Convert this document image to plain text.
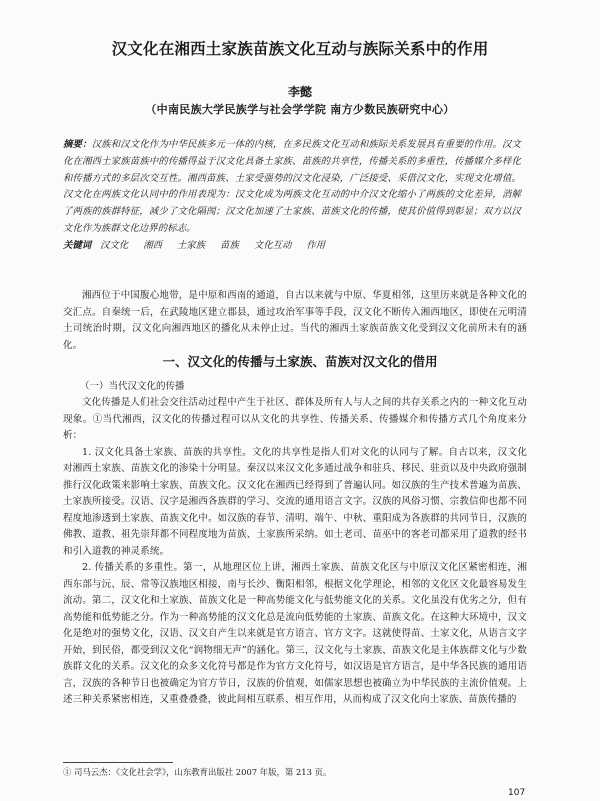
汉文化在湘西土家族苗族文化互动与族际关系中的作用
李懿
（中南民族大学民族学与社会学学院 南方少数民族研究中心）
摘要：汉族和汉文化作为中华民族多元一体的内核，在多民族文化互动和族际关系发展具有重要的作用。汉文化在湘西土家族苗族中的传播得益于汉文化具备土家族、苗族的共享性，传播关系的多重性，传播媒介多样化和传播方式的多层次交互性。湘西苗族、土家受强势的汉文化浸染，广泛接受、采借汉文化，实现文化增值。汉文化在两族文化认同中的作用表现为：汉文化成为两族文化互动的中介汉文化缩小了两族的文化差异，消解了两族的族群特征，减少了文化隔阂；汉文化加速了土家族、苗族文化的传播，使其价值得到彰显；双方以汉文化作为族群文化边界的标志。
关键词 汉文化 湘西 土家族 苗族 文化互动 作用
湘西位于中国腹心地带，是中原和西南的通道，自古以来就与中原、华夏相邻，这里历来就是各种文化的交汇点。自秦统一后，在武陵地区建立郡县，通过攻治军事等手段，汉文化不断传入湘西地区，即使在元明清土司统治时期，汉文化向湘西地区的播化从未停止过。当代的湘西土家族苗族文化受到汉文化前所未有的涵化。
一、汉文化的传播与土家族、苗族对汉文化的借用
（一）当代汉文化的传播
文化传播是人们社会交往活动过程中产生于社区、群体及所有人与人之间的共存关系之内的一种文化互动现象。①当代湘西，汉文化的传播过程可以从文化的共享性、传播关系、传播媒介和传播方式几个角度来分析：
1. 汉文化具备土家族、苗族的共享性。文化的共享性是指人们对文化的认同与了解。自古以来，汉文化对湘西土家族、苗族文化的渗染十分明显。秦汉以来汉文化多通过战争和驻兵、移民、驻贡以及中央政府强制推行汉化政策来影响土家族、苗族文化。汉文化在湘西已经得到了普遍认同。如汉族的生产技术普遍为苗族、土家族所接受。汉语、汉字是湘西各族群的学习、交流的通用语言文字。汉族的风俗习惯、宗教信仰也都不同程度地渗透到土家族、苗族文化中。如汉族的春节、清明、端午、中秋、重阳成为各族群的共同节日，汉族的佛教、道教、祖先崇拜都不同程度地为苗族、土家族所采纳。如土老司、苗巫中的客老司都采用了道教的经书和引入道教的神灵系统。
2. 传播关系的多重性。第一，从地理区位上讲，湘西土家族、苗族文化区与中原汉文化区紧密相连，湘西东部与沅、辰、常等汉族地区相接，南与长沙、衡阳相邻，根据文化学理论，相邻的文化区文化最容易发生流动。第二，汉文化和土家族、苗族文化是一种高势能文化与低势能文化的关系。文化虽没有优劣之分，但有高势能和低势能之分。作为一种高势能的汉文化总是流向低势能的土家族、苗族文化。在这种大环境中，汉文化是绝对的强势文化，汉语、汉文自产生以来就是官方语言、官方文字。这就使得苗、土家文化，从语言文字开始，到民俗，都受到汉文化“润物细无声”的涵化。第三，汉文化与土家族、苗族文化是主体族群文化与少数族群文化的关系。汉文化的众多文化符号都是作为官方文化符号，如汉语是官方语言，是中华各民族的通用语言，汉族的各种节日也被确定为官方节日，汉族的价值观，如儒家思想也被确立为中华民族的主流价值观。上述三种关系紧密相连，又重叠叠叠，彼此间相互联系、相互作用，从而构成了汉文化向土家族、苗族传播的
① 司马云杰：《文化社会学》，山东教育出版社 2007 年版，第 213 页。
107
